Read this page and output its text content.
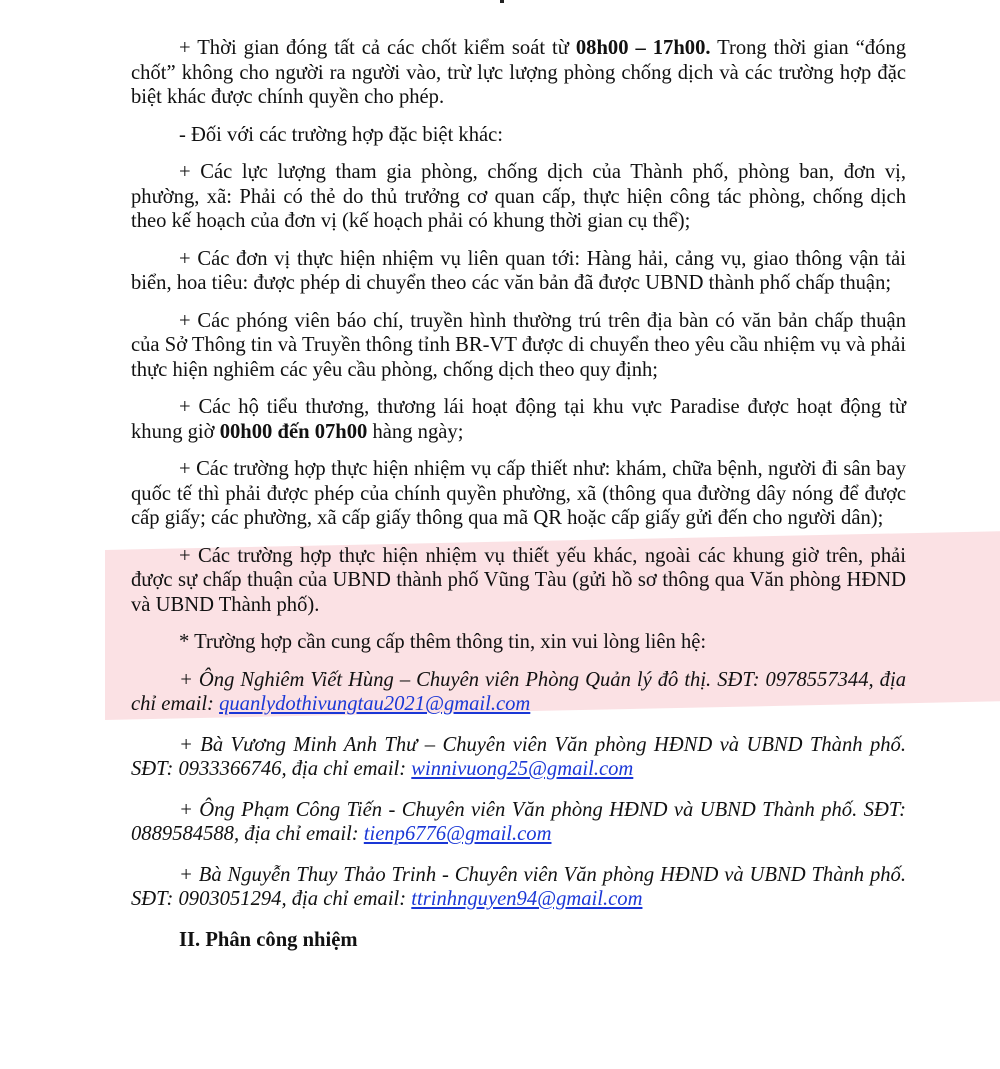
+ Thời gian đóng tất cả các chốt kiểm soát từ 08h00 – 17h00. Trong thời gian “đóng chốt” không cho người ra người vào, trừ lực lượng phòng chống dịch và các trường hợp đặc biệt khác được chính quyền cho phép.

- Đối với các trường hợp đặc biệt khác:

+ Các lực lượng tham gia phòng, chống dịch của Thành phố, phòng ban, đơn vị, phường, xã: Phải có thẻ do thủ trưởng cơ quan cấp, thực hiện công tác phòng, chống dịch theo kế hoạch của đơn vị (kế hoạch phải có khung thời gian cụ thể);

+ Các đơn vị thực hiện nhiệm vụ liên quan tới: Hàng hải, cảng vụ, giao thông vận tải biển, hoa tiêu: được phép di chuyển theo các văn bản đã được UBND thành phố chấp thuận;

+ Các phóng viên báo chí, truyền hình thường trú trên địa bàn có văn bản chấp thuận của Sở Thông tin và Truyền thông tỉnh BR-VT được di chuyển theo yêu cầu nhiệm vụ và phải thực hiện nghiêm các yêu cầu phòng, chống dịch theo quy định;

+ Các hộ tiểu thương, thương lái hoạt động tại khu vực Paradise được hoạt động từ khung giờ 00h00 đến 07h00 hàng ngày;

+ Các trường hợp thực hiện nhiệm vụ cấp thiết như: khám, chữa bệnh, người đi sân bay quốc tế thì phải được phép của chính quyền phường, xã (thông qua đường dây nóng để được cấp giấy; các phường, xã cấp giấy thông qua mã QR hoặc cấp giấy gửi đến cho người dân);

+ Các trường hợp thực hiện nhiệm vụ thiết yếu khác, ngoài các khung giờ trên, phải được sự chấp thuận của UBND thành phố Vũng Tàu (gửi hồ sơ thông qua Văn phòng HĐND và UBND Thành phố).

* Trường hợp cần cung cấp thêm thông tin, xin vui lòng liên hệ:

+ Ông Nghiêm Viết Hùng – Chuyên viên Phòng Quản lý đô thị. SĐT: 0978557344, địa chỉ email: quanlydothivungtau2021@gmail.com

+ Bà Vương Minh Anh Thư – Chuyên viên Văn phòng HĐND và UBND Thành phố. SĐT: 0933366746, địa chỉ email: winnivuong25@gmail.com

+ Ông Phạm Công Tiến - Chuyên viên Văn phòng HĐND và UBND Thành phố. SĐT: 0889584588, địa chỉ email: tienp6776@gmail.com

+ Bà Nguyễn Thuy Thảo Trinh - Chuyên viên Văn phòng HĐND và UBND Thành phố. SĐT: 0903051294, địa chỉ email: ttrinhnguyen94@gmail.com

II. Phân công nhiệm
